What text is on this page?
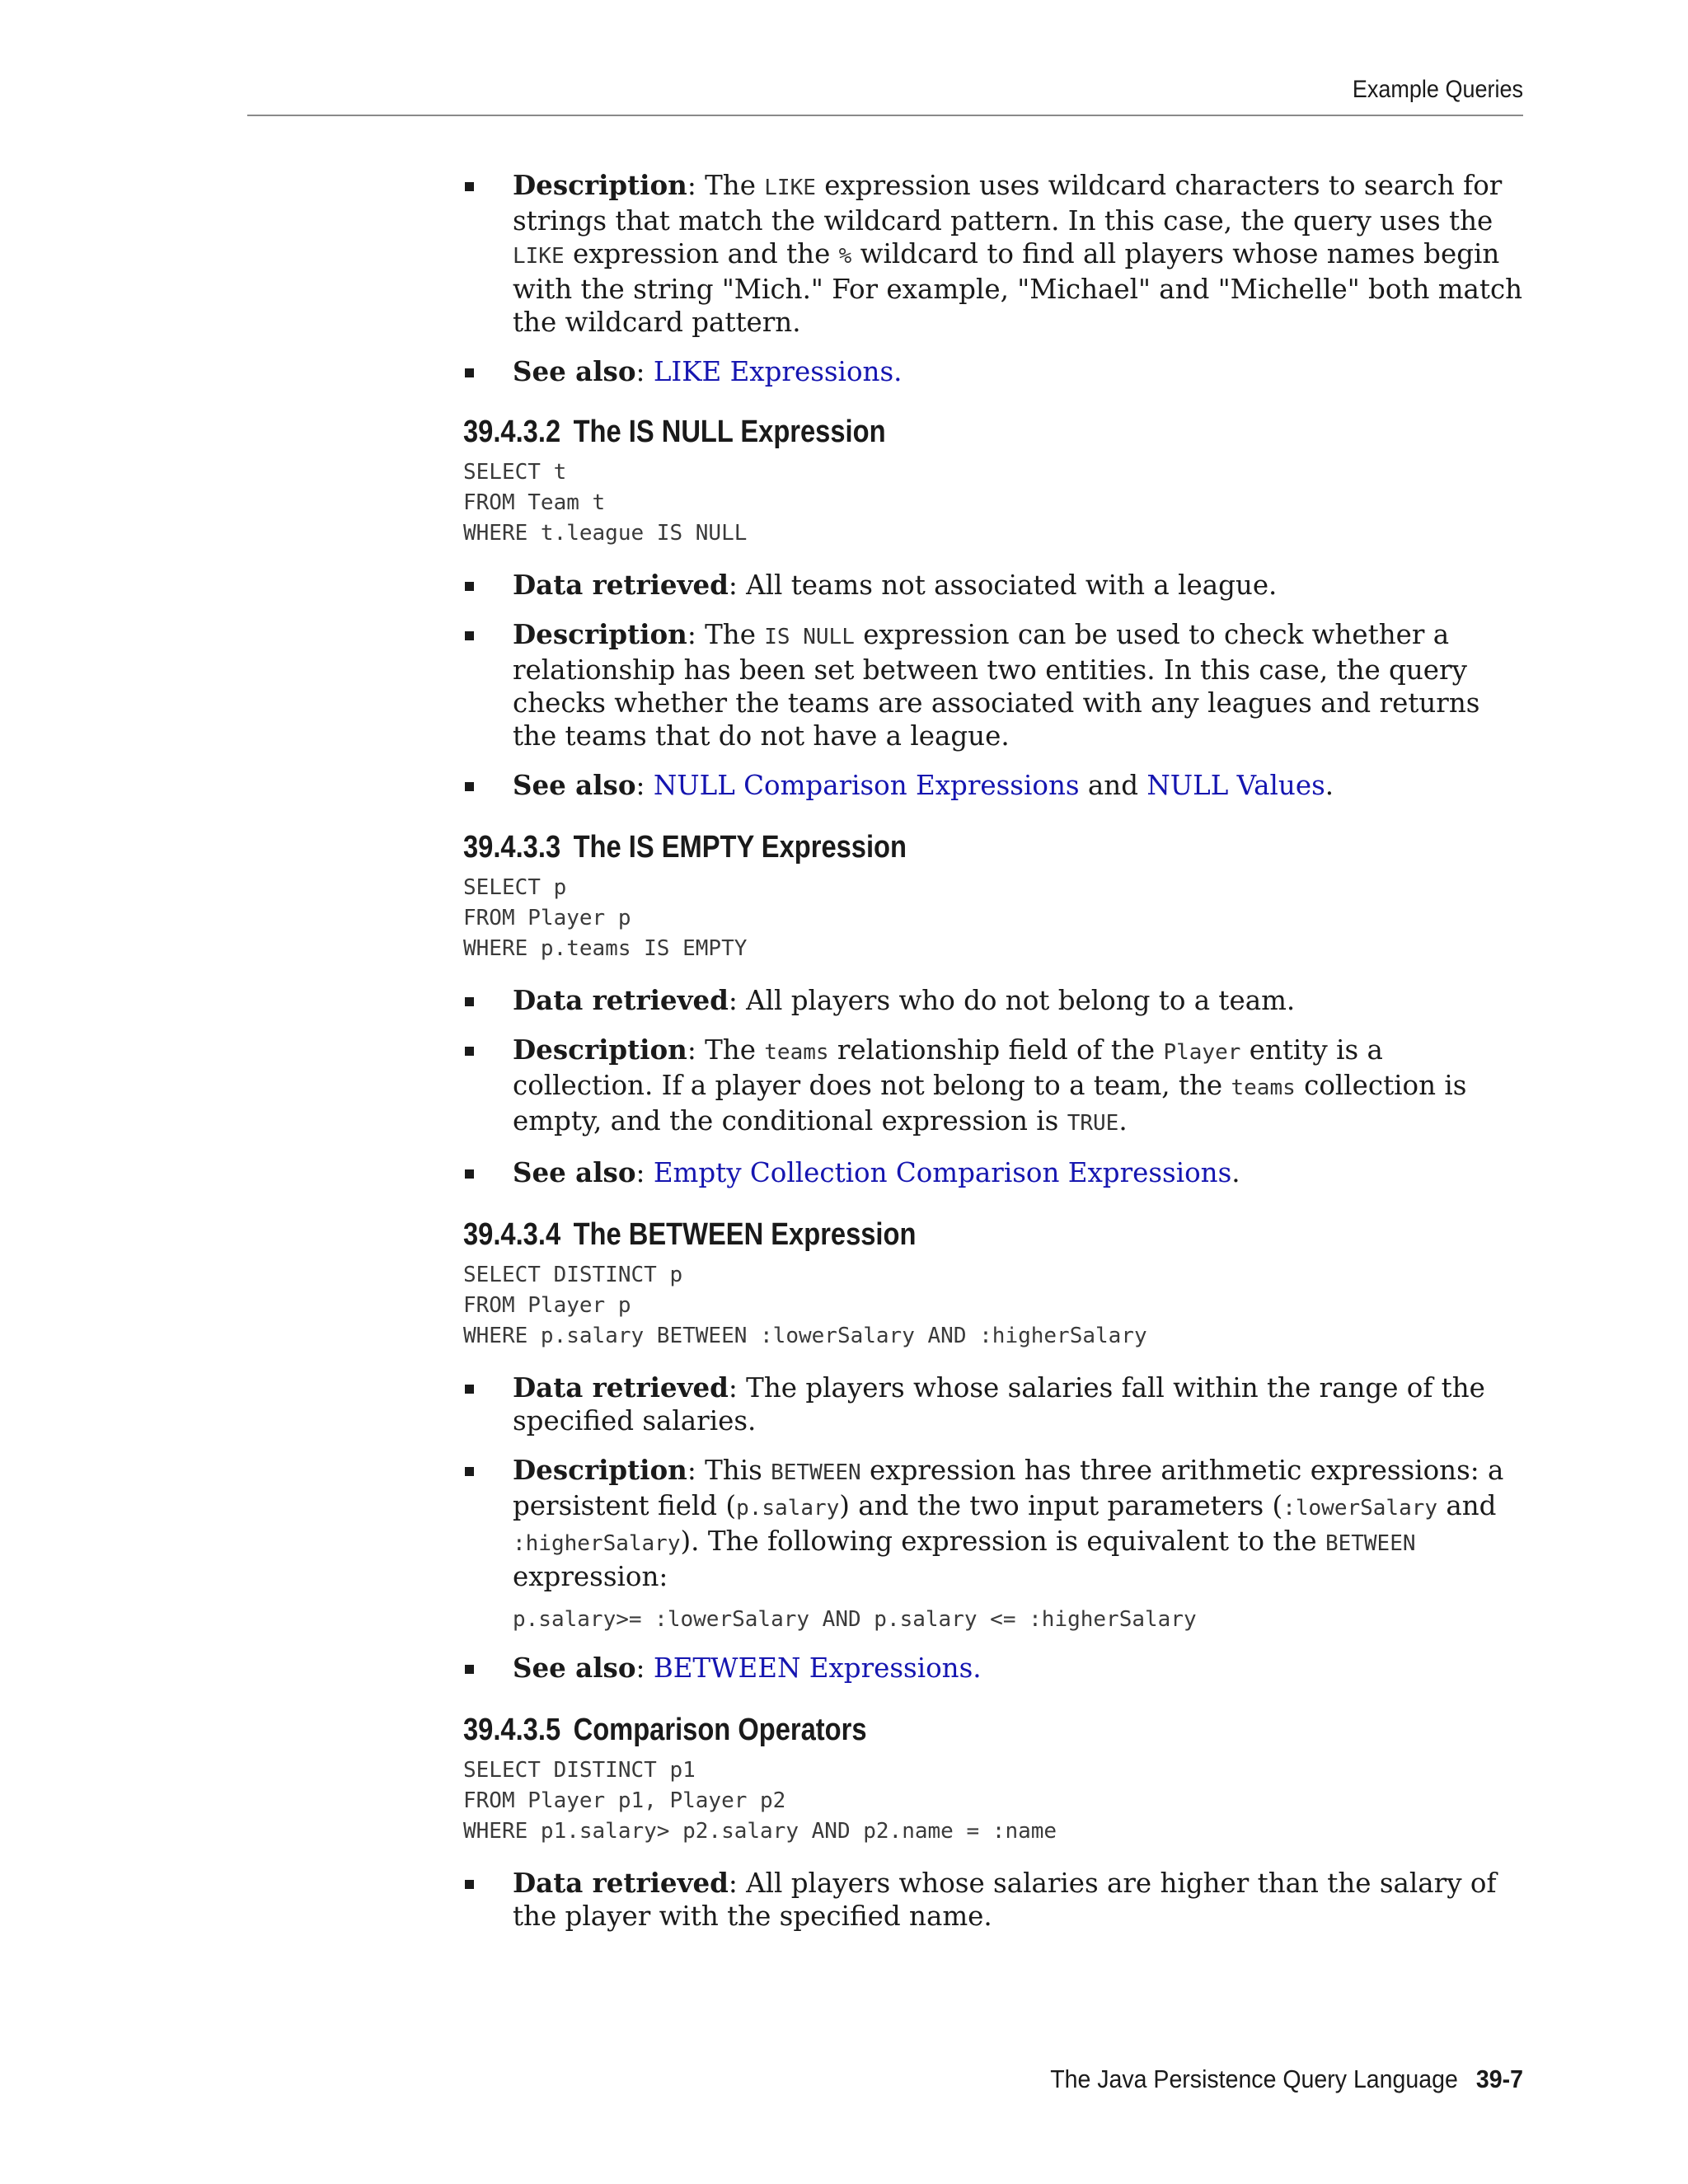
Example Queries
Description: The LIKE expression uses wildcard characters to search for strings that match the wildcard pattern. In this case, the query uses the LIKE expression and the % wildcard to find all players whose names begin with the string "Mich." For example, "Michael" and "Michelle" both match the wildcard pattern.
See also: LIKE Expressions.
39.4.3.2 The IS NULL Expression
SELECT t
FROM Team t
WHERE t.league IS NULL
Data retrieved: All teams not associated with a league.
Description: The IS NULL expression can be used to check whether a relationship has been set between two entities. In this case, the query checks whether the teams are associated with any leagues and returns the teams that do not have a league.
See also: NULL Comparison Expressions and NULL Values.
39.4.3.3 The IS EMPTY Expression
SELECT p
FROM Player p
WHERE p.teams IS EMPTY
Data retrieved: All players who do not belong to a team.
Description: The teams relationship field of the Player entity is a collection. If a player does not belong to a team, the teams collection is empty, and the conditional expression is TRUE.
See also: Empty Collection Comparison Expressions.
39.4.3.4 The BETWEEN Expression
SELECT DISTINCT p
FROM Player p
WHERE p.salary BETWEEN :lowerSalary AND :higherSalary
Data retrieved: The players whose salaries fall within the range of the specified salaries.
Description: This BETWEEN expression has three arithmetic expressions: a persistent field (p.salary) and the two input parameters (:lowerSalary and :higherSalary). The following expression is equivalent to the BETWEEN expression:
p.salary>= :lowerSalary AND p.salary <= :higherSalary
See also: BETWEEN Expressions.
39.4.3.5 Comparison Operators
SELECT DISTINCT p1
FROM Player p1, Player p2
WHERE p1.salary> p2.salary AND p2.name = :name
Data retrieved: All players whose salaries are higher than the salary of the player with the specified name.
The Java Persistence Query Language 39-7
